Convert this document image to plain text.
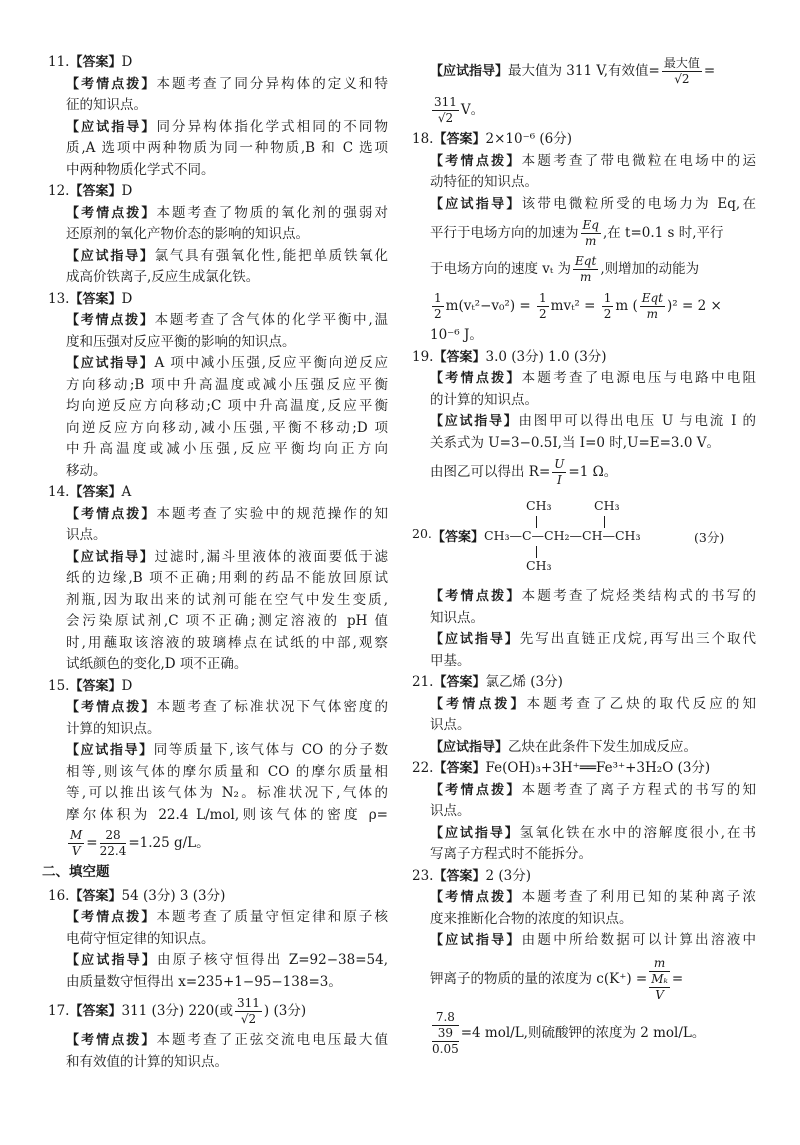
11.【答案】D
【考情点拨】本题考查了同分异构体的定义和特
征的知识点。
【应试指导】同分异构体指化学式相同的不同物
质,A 选项中两种物质为同一种物质,B 和 C 选项
中两种物质化学式不同。
12.【答案】D
【考情点拨】本题考查了物质的氧化剂的强弱对
还原剂的氧化产物价态的影响的知识点。
【应试指导】氯气具有强氧化性,能把单质铁氧化
成高价铁离子,反应生成氯化铁。
13.【答案】D
【考情点拨】本题考查了含气体的化学平衡中,温
度和压强对反应平衡的影响的知识点。
【应试指导】A 项中减小压强,反应平衡向逆反应
方向移动;B 项中升高温度或减小压强反应平衡
均向逆反应方向移动;C 项中升高温度,反应平衡
向逆反应方向移动,减小压强,平衡不移动;D 项
中升高温度或减小压强,反应平衡均向正方向
移动。
14.【答案】A
【考情点拨】本题考查了实验中的规范操作的知
识点。
【应试指导】过滤时,漏斗里液体的液面要低于滤
纸的边缘,B 项不正确;用剩的药品不能放回原试
剂瓶,因为取出来的试剂可能在空气中发生变质,
会污染原试剂,C 项不正确;测定溶液的 pH 值
时,用蘸取该溶液的玻璃棒点在试纸的中部,观察
试纸颜色的变化,D 项不正确。
15.【答案】D
【考情点拨】本题考查了标准状况下气体密度的
计算的知识点。
【应试指导】同等质量下,该气体与 CO 的分子数
相等,则该气体的摩尔质量和 CO 的摩尔质量相
等,可以推出该气体为 N₂。标准状况下,气体的
摩尔体积为 22.4 L/mol,则该气体的密度 ρ=
$\frac{M}{V} = \frac{28}{22.4} =1.25$ g/L。
二、填空题
16.【答案】54 (3分) 3 (3分)
【考情点拨】本题考查了质量守恒定律和原子核
电荷守恒定律的知识点。
【应试指导】由原子核守恒得出 Z=92−38=54,
由质量数守恒得出 x=235+1−95−138=3。
17.【答案】311 (3分) 220(或 $\frac{311}{√2}$ ) (3分)
【考情点拨】本题考查了正弦交流电电压最大值
和有效值的计算的知识点。
【应试指导】最大值为 311 V,有效值= $\frac{\text{最大值}}{√2}$ =
$\frac{311}{√2}$ V。
18.【答案】2×10⁻⁶ (6分)
【考情点拨】本题考查了带电微粒在电场中的运
动特征的知识点。
【应试指导】该带电微粒所受的电场力为 Eq,在
平行于电场方向的加速为 $\frac{Eq}{m}$ ,在 t=0.1 s 时,平行
于电场方向的速度 vₜ 为 $\frac{\text{Eqt}}{m}$ ,则增加的动能为
$\frac{1}{2} m(v_t^2-v_0^2) = \frac{1}{2} mv_t^2 = \frac{1}{2}$ m ( $\frac{\text{Eqt}}{m} )^2 = 2$ ×
10⁻⁶ J。
19.【答案】3.0 (3分) 1.0 (3分)
【考情点拨】本题考查了电源电压与电路中电阻
的计算的知识点。
【应试指导】由图甲可以得出电压 U 与电流 I 的
关系式为 U=3−0.5I,当 I=0 时,U=E=3.0 V。
由图乙可以得出 $R= \frac{U}{I} =1$ Ω。
20. 【答案】
CH₃	CH₃
CH₃—C—CH₂—CH—CH₃
CH₃
(3分)
【考情点拨】本题考查了烷烃类结构式的书写的
知识点。
【应试指导】先写出直链正戊烷,再写出三个取代
甲基。
21.【答案】氯乙烯 (3分)
【考情点拨】本题考查了乙炔的取代反应的知
识点。
【应试指导】乙炔在此条件下发生加成反应。
22.【答案】Fe(OH)₃+3H⁺══Fe³⁺+3H₂O (3分)
【考情点拨】本题考查了离子方程式的书写的知
识点。
【应试指导】氢氧化铁在水中的溶解度很小,在书
写离子方程式时不能拆分。
23.【答案】2 (3分)
【考情点拨】本题考查了利用已知的某种离子浓
度来推断化合物的浓度的知识点。
【应试指导】由题中所给数据可以计算出溶液中
钾离子的物质的量的浓度为 c(K⁺) =
m
Mₖ
V
=
7.8
39
0.05
=4 mol/L,则硫酸钾的浓度为 2 mol/L。
